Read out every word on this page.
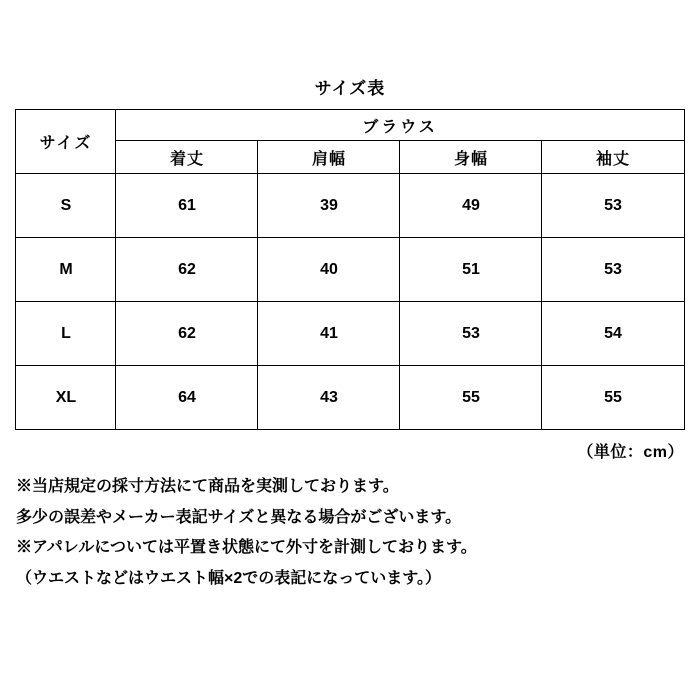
サイズ表
サイズ	ブラウス			
	着丈	肩幅	身幅	袖丈
S	61	39	49	53
M	62	40	51	53
L	62	41	53	54
XL	64	43	55	55
（単位：cm）

※当店規定の採寸方法にて商品を実測しております。

多少の誤差やメーカー表記サイズと異なる場合がございます。

※アパレルについては平置き状態にて外寸を計測しております。

（ウエストなどはウエスト幅×2での表記になっています。）
